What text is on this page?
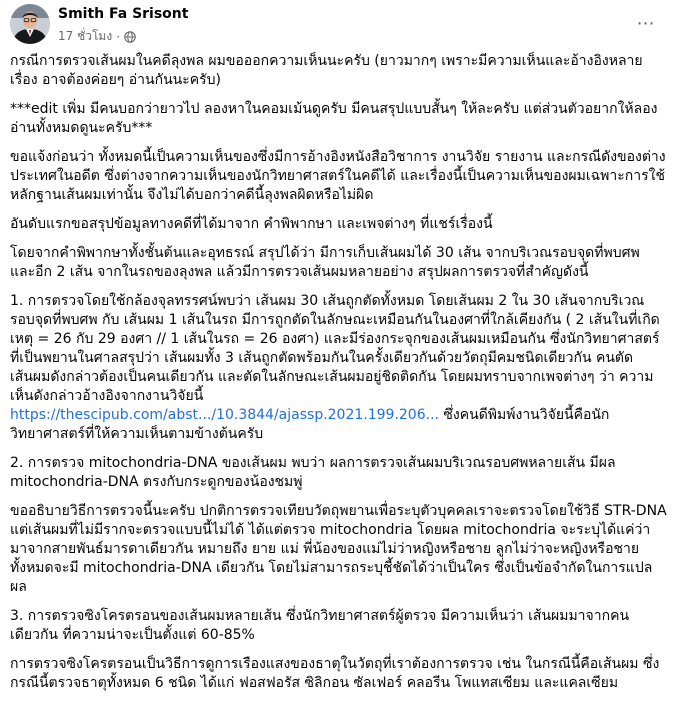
Smith Fa Srisont
17 ชั่วโมง ·
⋯

กรณีการตรวจเส้นผมในคดีลุงพล ผมขอออกความเห็นนะครับ (ยาวมากๆ เพราะมีความเห็นและอ้างอิงหลายเรื่อง อาจต้องค่อยๆ อ่านกันนะครับ)

***edit เพิ่ม มีคนบอกว่ายาวไป ลองหาในคอมเม้นดูครับ มีคนสรุปแบบสั้นๆ ให้ละครับ แต่ส่วนตัวอยากให้ลองอ่านทั้งหมดดูนะครับ***

ขอแจ้งก่อนว่า ทั้งหมดนี้เป็นความเห็นของซึ่งมีการอ้างอิงหนังสือวิชาการ งานวิจัย รายงาน และกรณีดังของต่างประเทศในอดีต ซึ่งต่างจากความเห็นของนักวิทยาศาสตร์ในคดีได้ และเรื่องนี้เป็นความเห็นของผมเฉพาะการใช้หลักฐานเส้นผมเท่านั้น จึงไม่ได้บอกว่าคดีนี้ลุงพลผิดหรือไม่ผิด

อันดับแรกขอสรุปข้อมูลทางคดีที่ได้มาจาก คำพิพากษา และเพจต่างๆ ที่แชร์เรื่องนี้

โดยจากคำพิพากษาทั้งชั้นต้นและอุทธรณ์ สรุปได้ว่า มีการเก็บเส้นผมได้ 30 เส้น จากบริเวณรอบจุดที่พบศพ และอีก 2 เส้น จากในรถของลุงพล แล้วมีการตรวจเส้นผมหลายอย่าง สรุปผลการตรวจที่สำคัญดังนี้

1. การตรวจโดยใช้กล้องจุลทรรศน์พบว่า เส้นผม 30 เส้นถูกตัดทั้งหมด โดยเส้นผม 2 ใน 30 เส้นจากบริเวณรอบจุดที่พบศพ กับ เส้นผม 1 เส้นในรถ มีการถูกตัดในลักษณะเหมือนกันในองศาที่ใกล้เคียงกัน ( 2 เส้นในที่เกิดเหตุ = 26 กับ 29 องศา // 1 เส้นในรถ = 26 องศา) และมีร่องกระจุกของเส้นผมเหมือนกัน ซึ่งนักวิทยาศาสตร์ที่เป็นพยานในศาลสรุปว่า เส้นผมทั้ง 3 เส้นถูกตัดพร้อมกันในครั้งเดียวกันด้วยวัตถุมีคมชนิดเดียวกัน คนตัดเส้นผมดังกล่าวต้องเป็นคนเดียวกัน และตัดในลักษณะเส้นผมอยู่ชิดติดกัน โดยผมทราบจากเพจต่างๆ ว่า ความเห็นดังกล่าวอ้างอิงจากงานวิจัยนี้
https://thescipub.com/abst.../10.3844/ajassp.2021.199.206... ซึ่งคนดีพิมพ์งานวิจัยนี้คือนักวิทยาศาสตร์ที่ให้ความเห็นตามข้างต้นครับ

2. การตรวจ mitochondria-DNA ของเส้นผม พบว่า ผลการตรวจเส้นผมบริเวณรอบศพหลายเส้น มีผล mitochondria-DNA ตรงกับกระดูกของน้องชมพู่

ขออธิบายวิธีการตรวจนี้นะครับ ปกติการตรวจเทียบวัตถุพยานเพื่อระบุตัวบุคคลเราจะตรวจโดยใช้วิธี STR-DNA แต่เส้นผมที่ไม่มีรากจะตรวจแบบนี้ไม่ได้ ได้แต่ตรวจ mitochondria โดยผล mitochondria จะระบุได้แค่ว่า มาจากสายพันธ์มารดาเดียวกัน หมายถึง ยาย แม่ พี่น้องของแม่ไม่ว่าหญิงหรือชาย ลูกไม่ว่าจะหญิงหรือชาย ทั้งหมดจะมี mitochondria-DNA เดียวกัน โดยไม่สามารถระบุชี้ชัดได้ว่าเป็นใคร ซึ่งเป็นข้อจำกัดในการแปลผล

3. การตรวจซิงโครตรอนของเส้นผมหลายเส้น ซึ่งนักวิทยาศาสตร์ผู้ตรวจ มีความเห็นว่า เส้นผมมาจากคนเดียวกัน ที่ความน่าจะเป็นตั้งแต่ 60-85%

การตรวจซิงโครตรอนเป็นวิธีการดูการเรืองแสงของธาตุในวัตถุที่เราต้องการตรวจ เช่น ในกรณีนี้คือเส้นผม ซึ่งกรณีนี้ตรวจธาตุทั้งหมด 6 ชนิด ได้แก่ ฟอสฟอรัส ซิลิกอน ซัลเฟอร์ คลอรีน โพแทสเซียม และแคลเซียม
